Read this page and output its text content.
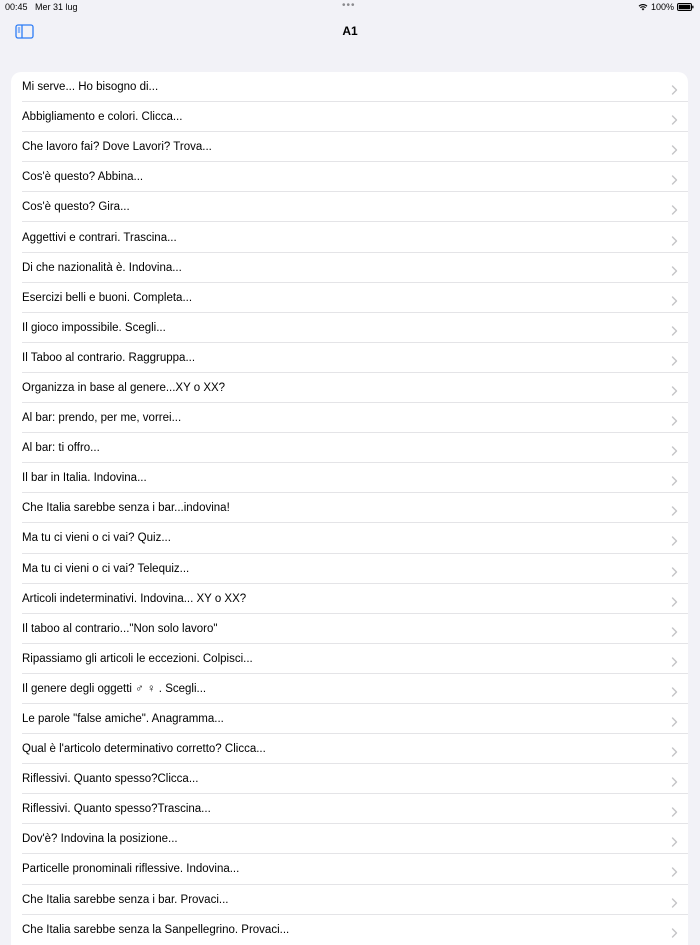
00:45 Mer 31 lug	•••	100%
A1
Mi serve... Ho bisogno di...
Abbigliamento e colori. Clicca...
Che lavoro fai? Dove Lavori? Trova...
Cos'è questo? Abbina...
Cos'è questo? Gira...
Aggettivi e contrari. Trascina...
Di che nazionalità è. Indovina...
Esercizi belli e buoni. Completa...
Il gioco impossibile. Scegli...
Il Taboo al contrario. Raggruppa...
Organizza in base al genere...XY o XX?
Al bar: prendo, per me, vorrei...
Al bar: ti offro...
Il bar in Italia. Indovina...
Che Italia sarebbe senza i bar...indovina!
Ma tu ci vieni o ci vai? Quiz...
Ma tu ci vieni o ci vai? Telequiz...
Articoli indeterminativi. Indovina... XY o XX?
Il taboo al contrario..."Non solo lavoro"
Ripassiamo gli articoli le eccezioni. Colpisci...
Il genere degli oggetti ♂ ♀ . Scegli...
Le parole "false amiche". Anagramma...
Qual è l'articolo determinativo corretto? Clicca...
Riflessivi. Quanto spesso?Clicca...
Riflessivi. Quanto spesso?Trascina...
Dov'è? Indovina la posizione...
Particelle pronominali riflessive. Indovina...
Che Italia sarebbe senza i bar. Provaci...
Che Italia sarebbe senza la Sanpellegrino. Provaci...
